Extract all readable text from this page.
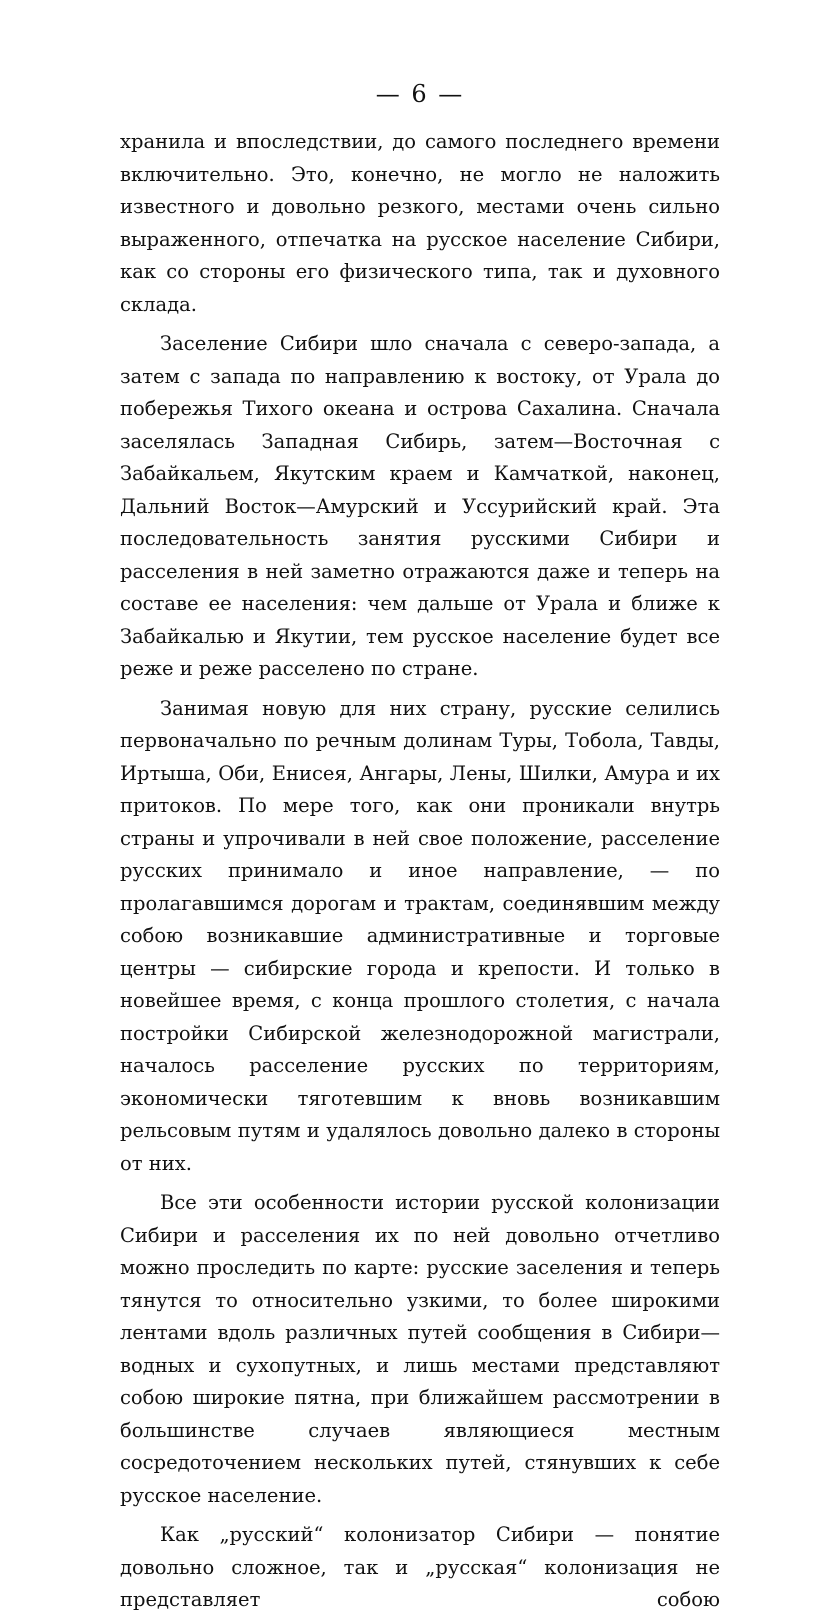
— 6 —

хранила и впоследствии, до самого последнего времени включительно. Это, конечно, не могло не наложить известного и довольно резкого, местами очень сильно выраженного, отпечатка на русское население Сибири, как со стороны его физического типа, так и духовного склада.

Заселение Сибири шло сначала с северо-запада, а затем с запада по направлению к востоку, от Урала до побережья Тихого океана и острова Сахалина. Сначала заселялась Западная Сибирь, затем—Восточная с Забайкальем, Якутским краем и Камчаткой, наконец, Дальний Восток—Амурский и Уссурийский край. Эта последовательность занятия русскими Сибири и расселения в ней заметно отражаются даже и теперь на составе ее населения: чем дальше от Урала и ближе к Забайкалью и Якутии, тем русское население будет все реже и реже расселено по стране.

Занимая новую для них страну, русские селились первоначально по речным долинам Туры, Тобола, Тавды, Иртыша, Оби, Енисея, Ангары, Лены, Шилки, Амура и их притоков. По мере того, как они проникали внутрь страны и упрочивали в ней свое положение, расселение русских принимало и иное направление, — по пролагавшимся дорогам и трактам, соединявшим между собою возникавшие административные и торговые центры — сибирские города и крепости. И только в новейшее время, с конца прошлого столетия, с начала постройки Сибирской железнодорожной магистрали, началось расселение русских по территориям, экономически тяготевшим к вновь возникавшим рельсовым путям и удалялось довольно далеко в стороны от них.

Все эти особенности истории русской колонизации Сибири и расселения их по ней довольно отчетливо можно проследить по карте: русские заселения и теперь тянутся то относительно узкими, то более широкими лентами вдоль различных путей сообщения в Сибири—водных и сухопутных, и лишь местами представляют собою широкие пятна, при ближайшем рассмотрении в большинстве случаев являющиеся местным сосредоточением нескольких путей, стянувших к себе русское население.

Как „русский“ колонизатор Сибири — понятие довольно сложное, так и „русская“ колонизация не представляет собою
